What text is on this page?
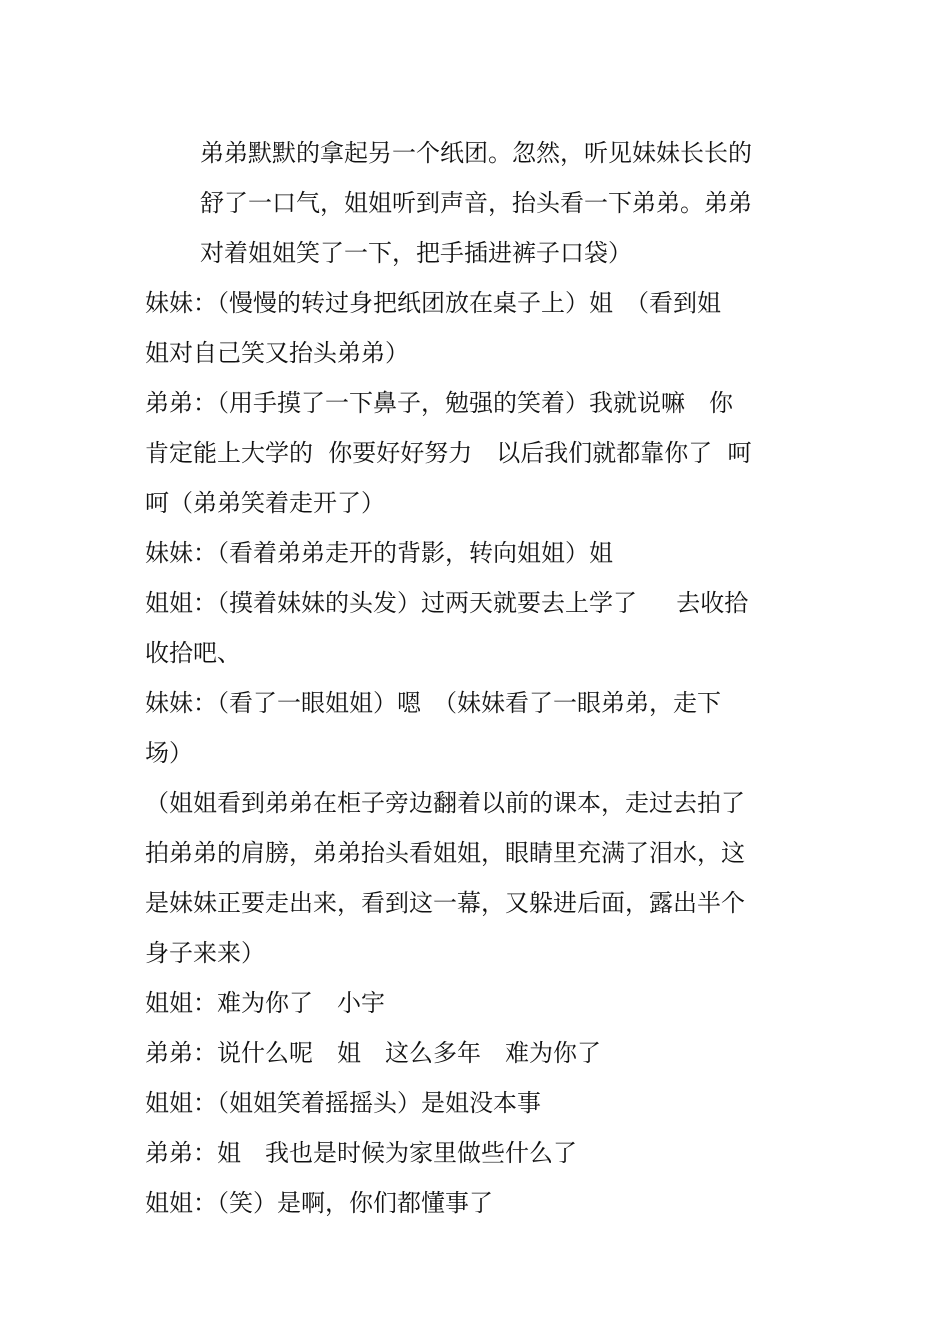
弟弟默默的拿起另一个纸团。忽然，听见妹妹长长的
舒了一口气，姐姐听到声音，抬头看一下弟弟。弟弟
对着姐姐笑了一下，把手插进裤子口袋）
妹妹：（慢慢的转过身把纸团放在桌子上）姐　（看到姐
姐对自己笑又抬头弟弟）
弟弟：（用手摸了一下鼻子，勉强的笑着）我就说嘛　你
肯定能上大学的  你要好好努力　以后我们就都靠你了  呵
呵（弟弟笑着走开了）
妹妹：（看着弟弟走开的背影，转向姐姐）姐
姐姐：（摸着妹妹的头发）过两天就要去上学了　  去收拾
收拾吧、
妹妹：（看了一眼姐姐）嗯　（妹妹看了一眼弟弟，走下
场）
（姐姐看到弟弟在柜子旁边翻着以前的课本，走过去拍了
拍弟弟的肩膀，弟弟抬头看姐姐，眼睛里充满了泪水，这
是妹妹正要走出来，看到这一幕，又躲进后面，露出半个
身子来来）
姐姐：难为你了　小宇
弟弟：说什么呢　姐　这么多年　难为你了
姐姐：（姐姐笑着摇摇头）是姐没本事
弟弟：姐　我也是时候为家里做些什么了
姐姐：（笑）是啊，你们都懂事了
